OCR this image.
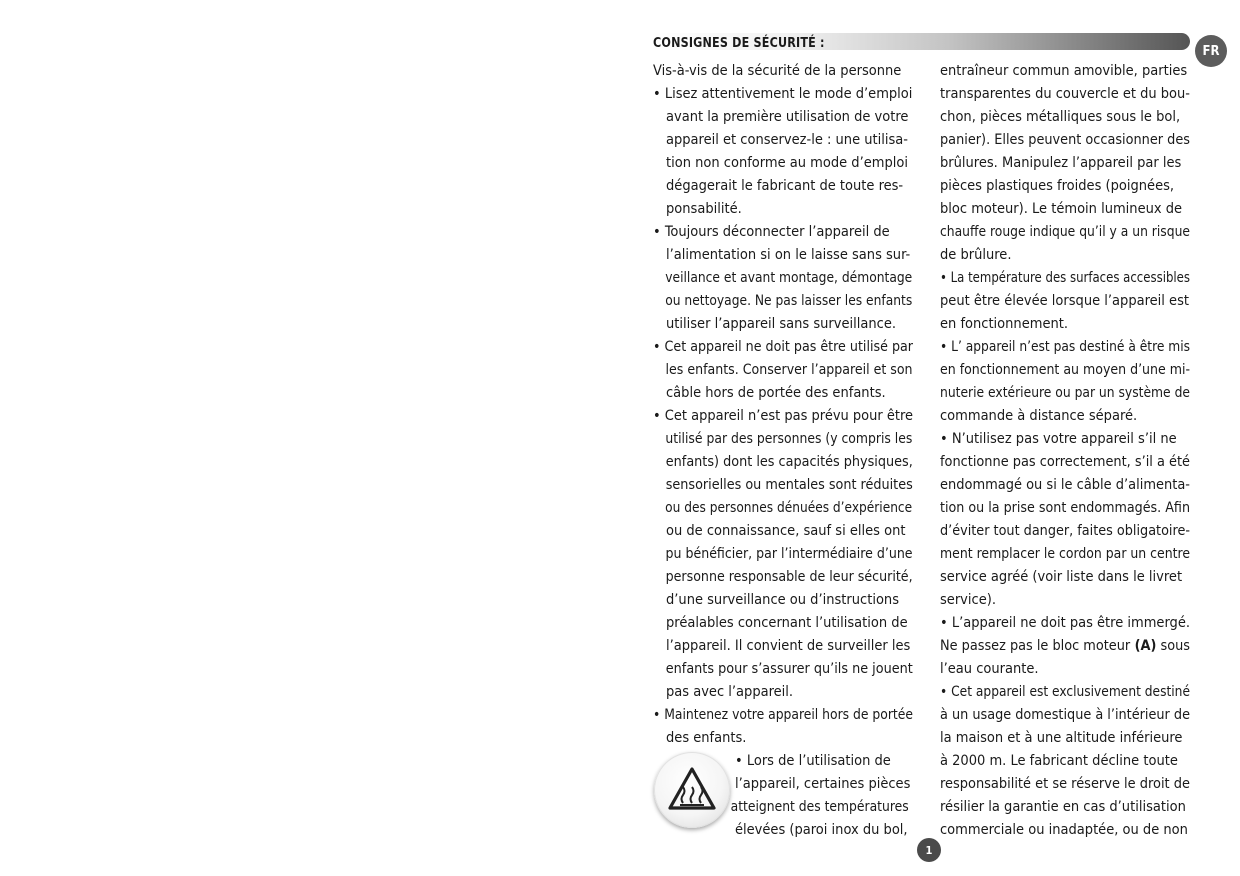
CONSIGNES DE SÉCURITÉ :	FR
Vis-à-vis de la sécurité de la personne
• Lisez attentivement le mode d’emploi
avant la première utilisation de votre
appareil et conservez-le : une utilisa-
tion non conforme au mode d’emploi
dégagerait le fabricant de toute res-
ponsabilité.
• Toujours déconnecter l’appareil de
l’alimentation si on le laisse sans sur-
veillance et avant montage, démontage
ou nettoyage. Ne pas laisser les enfants
utiliser l’appareil sans surveillance.
• Cet appareil ne doit pas être utilisé par
les enfants. Conserver l’appareil et son
câble hors de portée des enfants.
• Cet appareil n’est pas prévu pour être
utilisé par des personnes (y compris les
enfants) dont les capacités physiques,
sensorielles ou mentales sont réduites
ou des personnes dénuées d’expérience
ou de connaissance, sauf si elles ont
pu bénéficier, par l’intermédiaire d’une
personne responsable de leur sécurité,
d’une surveillance ou d’instructions
préalables concernant l’utilisation de
l’appareil. Il convient de surveiller les
enfants pour s’assurer qu’ils ne jouent
pas avec l’appareil.
• Maintenez votre appareil hors de portée
des enfants.
• Lors de l’utilisation de
l’appareil, certaines pièces
atteignent des températures
élevées (paroi inox du bol,
entraîneur commun amovible, parties
transparentes du couvercle et du bou-
chon, pièces métalliques sous le bol,
panier). Elles peuvent occasionner des
brûlures. Manipulez l’appareil par les
pièces plastiques froides (poignées,
bloc moteur). Le témoin lumineux de
chauffe rouge indique qu’il y a un risque
de brûlure.
• La température des surfaces accessibles
peut être élevée lorsque l’appareil est
en fonctionnement.
• L’ appareil n’est pas destiné à être mis
en fonctionnement au moyen d’une mi-
nuterie extérieure ou par un système de
commande à distance séparé.
• N’utilisez pas votre appareil s’il ne
fonctionne pas correctement, s’il a été
endommagé ou si le câble d’alimenta-
tion ou la prise sont endommagés. Afin
d’éviter tout danger, faites obligatoire-
ment remplacer le cordon par un centre
service agréé (voir liste dans le livret
service).
• L’appareil ne doit pas être immergé.
Ne passez pas le bloc moteur (A) sous
l’eau courante.
• Cet appareil est exclusivement destiné
à un usage domestique à l’intérieur de
la maison et à une altitude inférieure
à 2000 m. Le fabricant décline toute
responsabilité et se réserve le droit de
résilier la garantie en cas d’utilisation
commerciale ou inadaptée, ou de non
1
